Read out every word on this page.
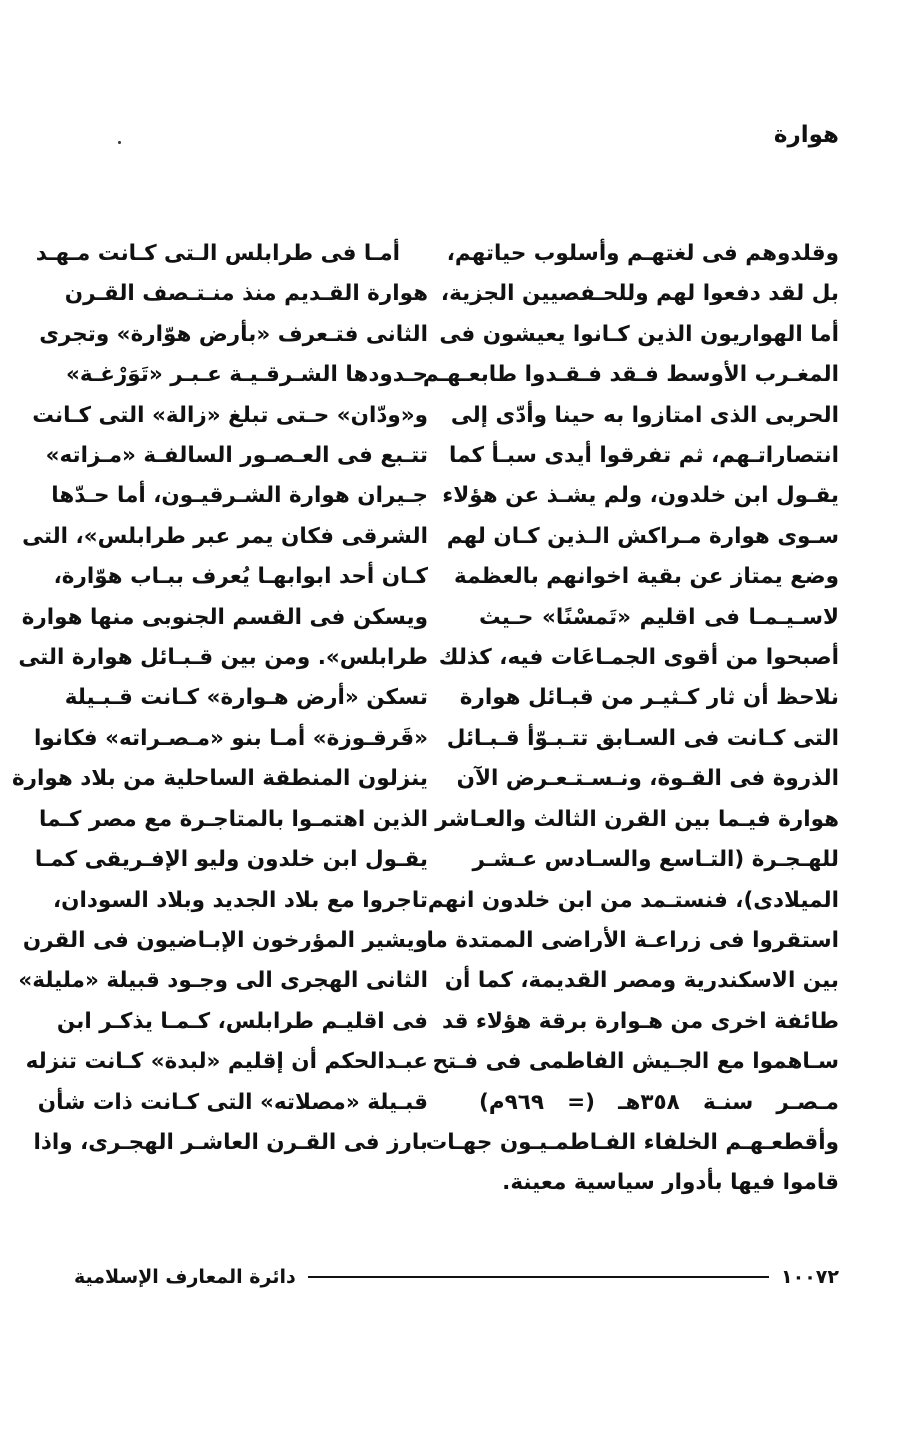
هوارة
وقلدوهم فى لغتهـم وأسلوب حياتهم،
بل لقد دفعوا لهم وللحـفصيين الجزية،
أما الهواريون الذين كـانوا يعيشون فى
المغـرب الأوسط فـقد فـقـدوا طابعـهـم
الحربى الذى امتازوا به حينا وأدّى إلى
انتصاراتـهم، ثم تفرقوا أيدى سبـأ كما
يقـول ابن خلدون، ولم يشـذ عن هؤلاء
سـوى هوارة مـراكش الـذين كـان لهم
وضع يمتاز عن بقية اخوانهم بالعظمة
لاسـيـمـا فى اقليم «تَمسْنًا» حـيث
أصبحوا من أقوى الجمـاعَات فيه، كذلك
نلاحظ أن ثار كـثيـر من قبـائل هوارة
التى كـانت فى السـابق تتـبـوّأ قـبـائل
الذروة فى القـوة، ونـسـتـعـرض الآن
هوارة فيـما بين القرن الثالث والعـاشر
للهـجـرة (التـاسع والسـادس عـشـر
الميلادى)، فنستـمد من ابن خلدون انهم
استقروا فى زراعـة الأراضى الممتدة ما
بين الاسكندرية ومصر القديمة، كما أن
طائفة اخرى من هـوارة برقة هؤلاء قد
سـاهموا مع الجـيش الفاطمى فى فـتح
مـصـر سنـة ٣٥٨هـ (= ٩٦٩م)
وأقطعـهـم الخلفاء الفـاطمـيـون جهـات
قاموا فيها بأدوار سياسية معينة.
أمـا فى طرابلس الـتى كـانت مـهـد
هوارة القـديم منذ منـتـصف القـرن
الثانى فتـعرف «بأرض هوّارة» وتجرى
حـدودها الشـرقـيـة عـبـر «تَوَرْغـة»
و«ودّان» حـتى تبلغ «زالة» التى كـانت
تتـبع فى العـصـور السالفـة «مـزاته»
جـيران هوارة الشـرقيـون، أما حـدّها
الشرقى فكان يمر عبر طرابلس»، التى
كـان أحد ابوابهـا يُعرف ببـاب هوّارة،
ويسكن فى القسم الجنوبى منها هوارة
طرابلس». ومن بين قـبـائل هوارة التى
تسكن «أرض هـوارة» كـانت قـبـيلة
«قَرقـوزة» أمـا بنو «مـصـراته» فكانوا
ينزلون المنطقة الساحلية من بلاد هوارة
الذين اهتمـوا بالمتاجـرة مع مصر كـما
يقـول ابن خلدون وليو الإفـريقى كمـا
تاجروا مع بلاد الجديد وبلاد السودان،
ويشير المؤرخون الإبـاضيون فى القرن
الثانى الهجرى الى وجـود قبيلة «مليلة»
فى اقليـم طرابلس، كـمـا يذكـر ابن
عبـدالحكم أن إقليم «لبدة» كـانت تنزله
قبـيلة «مصلاته» التى كـانت ذات شأن
بارز فى القـرن العاشـر الهجـرى، واذا
١٠٠٧٢
دائرة المعارف الإسلامية
